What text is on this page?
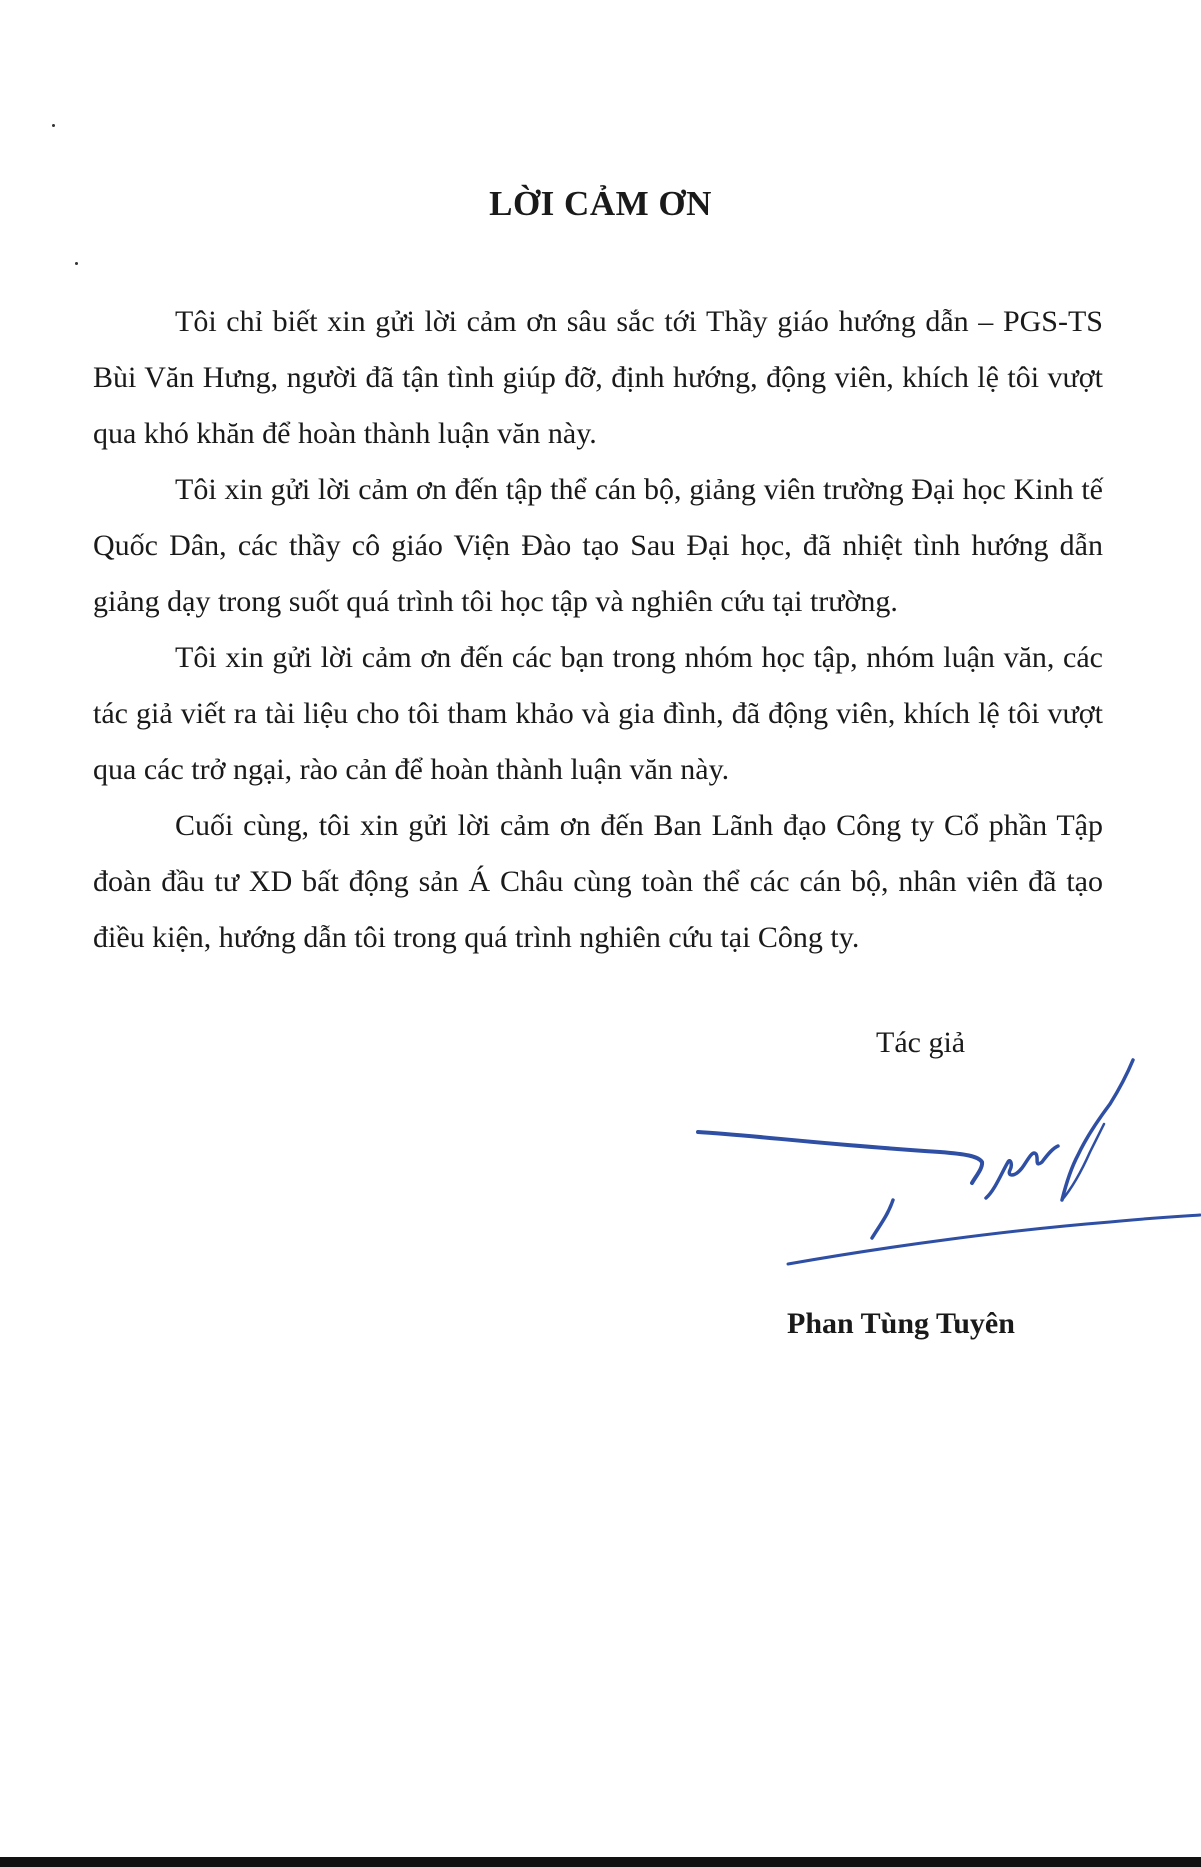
LỜI CẢM ƠN

Tôi chỉ biết xin gửi lời cảm ơn sâu sắc tới Thầy giáo hướng dẫn – PGS-TS Bùi Văn Hưng, người đã tận tình giúp đỡ, định hướng, động viên, khích lệ tôi vượt qua khó khăn để hoàn thành luận văn này.

Tôi xin gửi lời cảm ơn đến tập thể cán bộ, giảng viên trường Đại học Kinh tế Quốc Dân, các thầy cô giáo Viện Đào tạo Sau Đại học, đã nhiệt tình hướng dẫn giảng dạy trong suốt quá trình tôi học tập và nghiên cứu tại trường.

Tôi xin gửi lời cảm ơn đến các bạn trong nhóm học tập, nhóm luận văn, các tác giả viết ra tài liệu cho tôi tham khảo và gia đình, đã động viên, khích lệ tôi vượt qua các trở ngại, rào cản để hoàn thành luận văn này.

Cuối cùng, tôi xin gửi lời cảm ơn đến Ban Lãnh đạo Công ty Cổ phần Tập đoàn đầu tư XD bất động sản Á Châu cùng toàn thể các cán bộ, nhân viên đã tạo điều kiện, hướng dẫn tôi trong quá trình nghiên cứu tại Công ty.

Tác giả
Phan Tùng Tuyên
